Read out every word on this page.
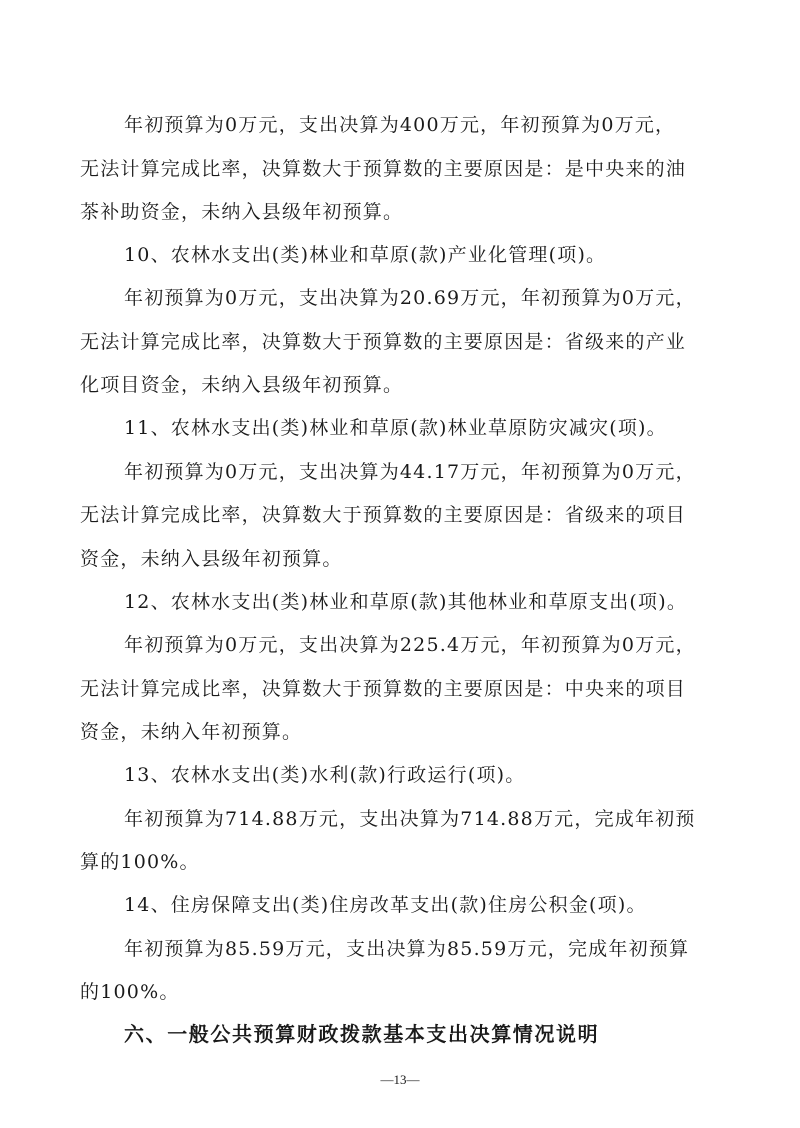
年初预算为0万元，支出决算为400万元，年初预算为0万元，
无法计算完成比率，决算数大于预算数的主要原因是：是中央来的油
茶补助资金，未纳入县级年初预算。
10、农林水支出(类)林业和草原(款)产业化管理(项)。
年初预算为0万元，支出决算为20.69万元，年初预算为0万元，
无法计算完成比率，决算数大于预算数的主要原因是：省级来的产业
化项目资金，未纳入县级年初预算。
11、农林水支出(类)林业和草原(款)林业草原防灾减灾(项)。
年初预算为0万元，支出决算为44.17万元，年初预算为0万元，
无法计算完成比率，决算数大于预算数的主要原因是：省级来的项目
资金，未纳入县级年初预算。
12、农林水支出(类)林业和草原(款)其他林业和草原支出(项)。
年初预算为0万元，支出决算为225.4万元，年初预算为0万元，
无法计算完成比率，决算数大于预算数的主要原因是：中央来的项目
资金，未纳入年初预算。
13、农林水支出(类)水利(款)行政运行(项)。
年初预算为714.88万元，支出决算为714.88万元，完成年初预
算的100%。
14、住房保障支出(类)住房改革支出(款)住房公积金(项)。
年初预算为85.59万元，支出决算为85.59万元，完成年初预算
的100%。
六、一般公共预算财政拨款基本支出决算情况说明
—13—
